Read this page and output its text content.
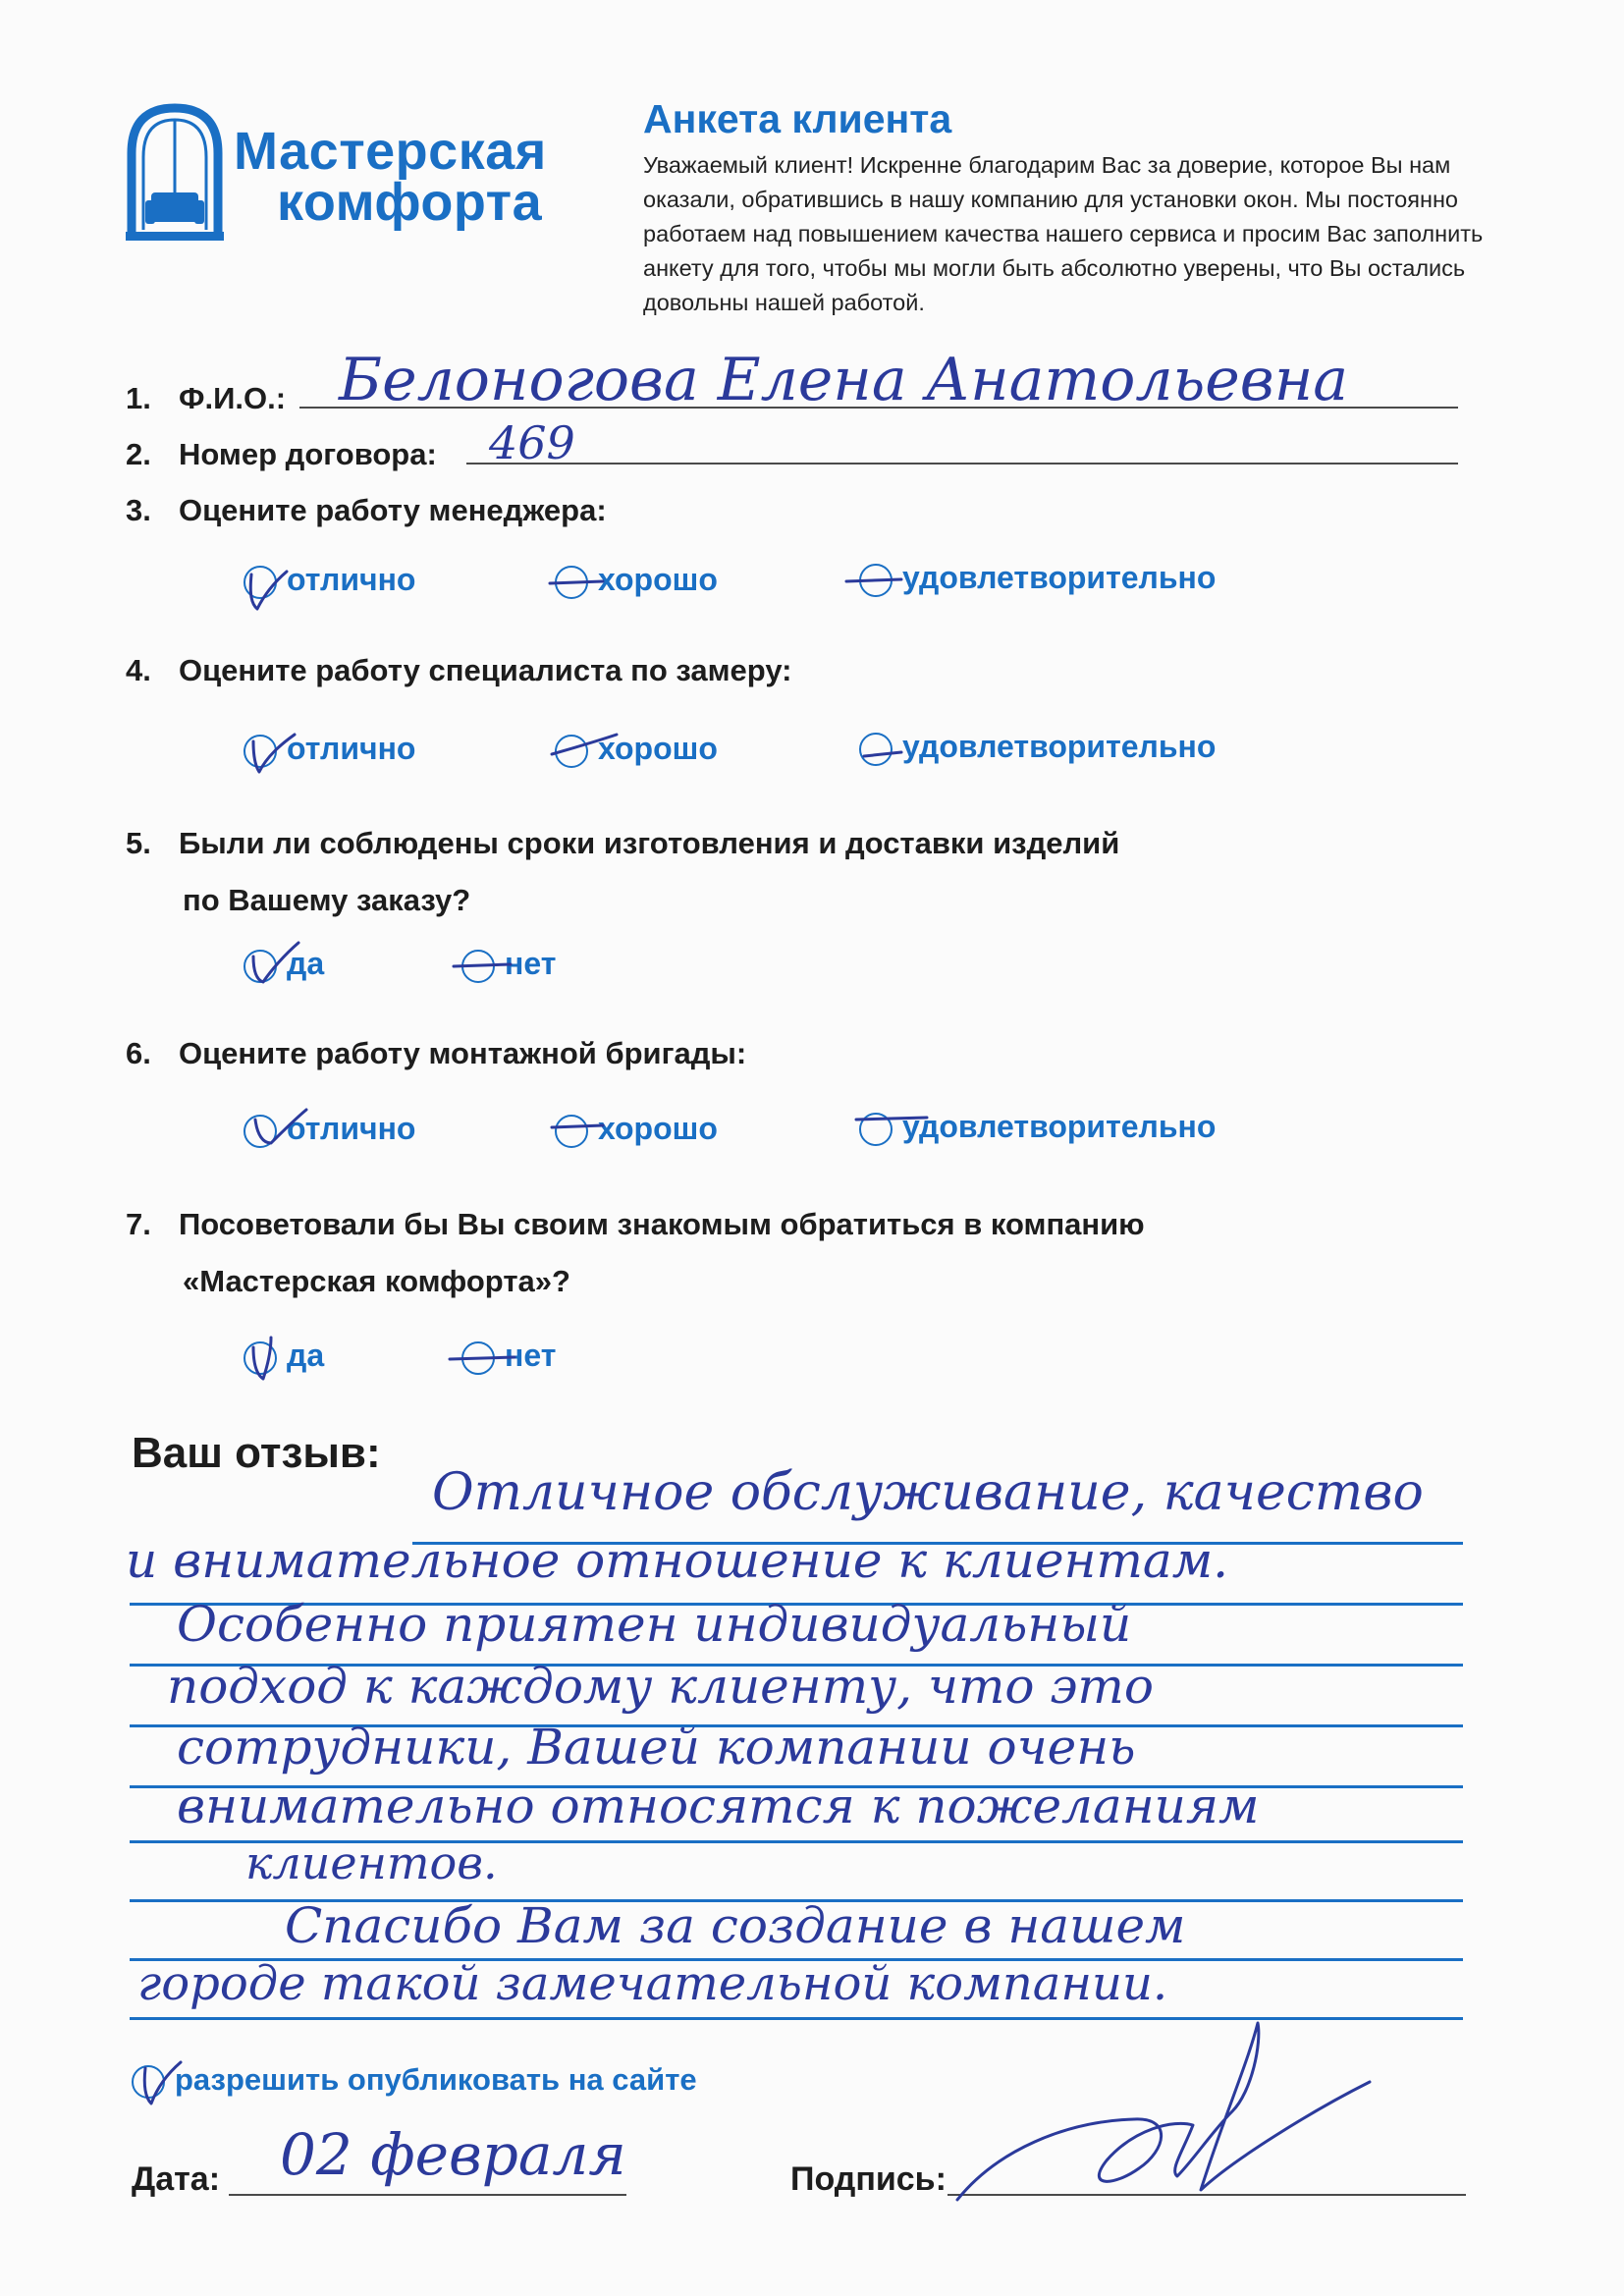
Мастерская
комфорта
Анкета клиента
Уважаемый клиент! Искренне благодарим Вас за доверие, которое Вы нам оказали, обратившись в нашу компанию для установки окон. Мы постоянно работаем над повышением качества нашего сервиса и просим Вас заполнить анкету для того, чтобы мы могли быть абсолютно уверены, что Вы остались довольны нашей работой.
1. Ф.И.О.: Белоногова Елена Анатольевна
2. Номер договора: 469
3. Оцените работу менеджера:
отлично	хорошо	удовлетворительно
4. Оцените работу специалиста по замеру:
отлично	хорошо	удовлетворительно
5. Были ли соблюдены сроки изготовления и доставки изделий
по Вашему заказу?
да	нет
6. Оцените работу монтажной бригады:
отлично	хорошо	удовлетворительно
7. Посоветовали бы Вы своим знакомым обратиться в компанию
«Мастерская комфорта»?
да	нет
Ваш отзыв:
Отличное обслуживание, качество
и внимательное отношение к клиентам.
Особенно приятен индивидуальный
подход к каждому клиенту, что это
сотрудники, Вашей компании очень
внимательно относятся к пожеланиям
клиентов.
Спасибо Вам за создание в нашем
городе такой замечательной компании.
разрешить опубликовать на сайте
Дата: 02 февраля	Подпись:
